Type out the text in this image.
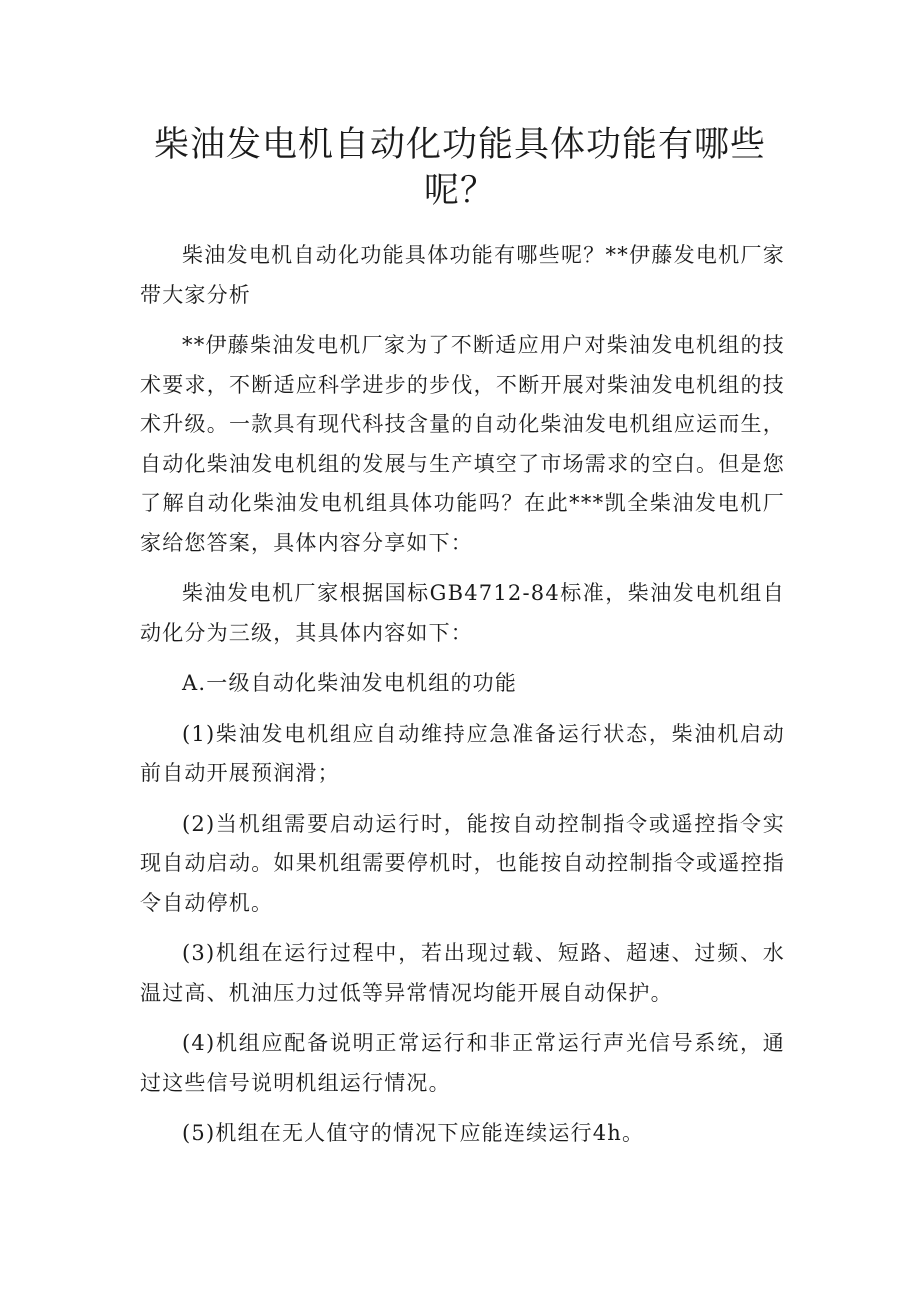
柴油发电机自动化功能具体功能有哪些
呢？

柴油发电机自动化功能具体功能有哪些呢？**伊藤发电机厂家带大家分析

**伊藤柴油发电机厂家为了不断适应用户对柴油发电机组的技术要求，不断适应科学进步的步伐，不断开展对柴油发电机组的技术升级。一款具有现代科技含量的自动化柴油发电机组应运而生，自动化柴油发电机组的发展与生产填空了市场需求的空白。但是您了解自动化柴油发电机组具体功能吗？在此***凯全柴油发电机厂家给您答案，具体内容分享如下：

柴油发电机厂家根据国标GB4712-84标准，柴油发电机组自动化分为三级，其具体内容如下：

A.一级自动化柴油发电机组的功能

(1)柴油发电机组应自动维持应急准备运行状态，柴油机启动前自动开展预润滑；

(2)当机组需要启动运行时，能按自动控制指令或遥控指令实现自动启动。如果机组需要停机时，也能按自动控制指令或遥控指令自动停机。

(3)机组在运行过程中，若出现过载、短路、超速、过频、水温过高、机油压力过低等异常情况均能开展自动保护。

(4)机组应配备说明正常运行和非正常运行声光信号系统，通过这些信号说明机组运行情况。

(5)机组在无人值守的情况下应能连续运行4h。
